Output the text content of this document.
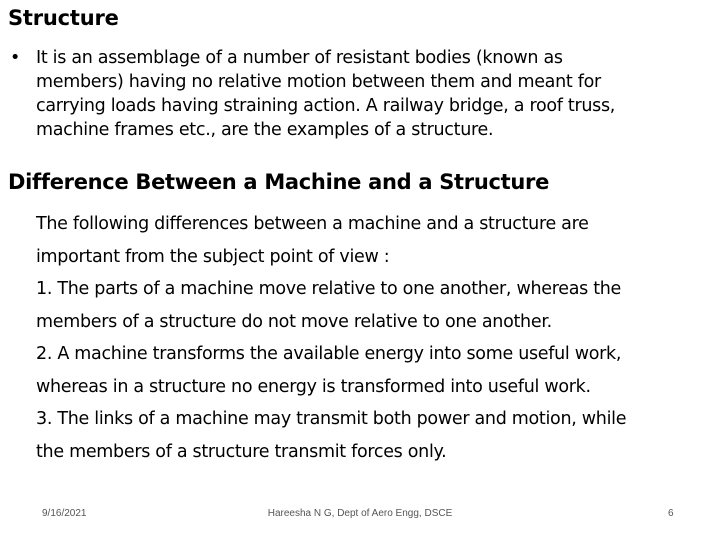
Structure
• It is an assemblage of a number of resistant bodies (known as
members) having no relative motion between them and meant for
carrying loads having straining action. A railway bridge, a roof truss,
machine frames etc., are the examples of a structure.
Difference Between a Machine and a Structure
The following differences between a machine and a structure are
important from the subject point of view :
1. The parts of a machine move relative to one another, whereas the
members of a structure do not move relative to one another.
2. A machine transforms the available energy into some useful work,
whereas in a structure no energy is transformed into useful work.
3. The links of a machine may transmit both power and motion, while
the members of a structure transmit forces only.
9/16/2021	Hareesha N G, Dept of Aero Engg, DSCE	6
